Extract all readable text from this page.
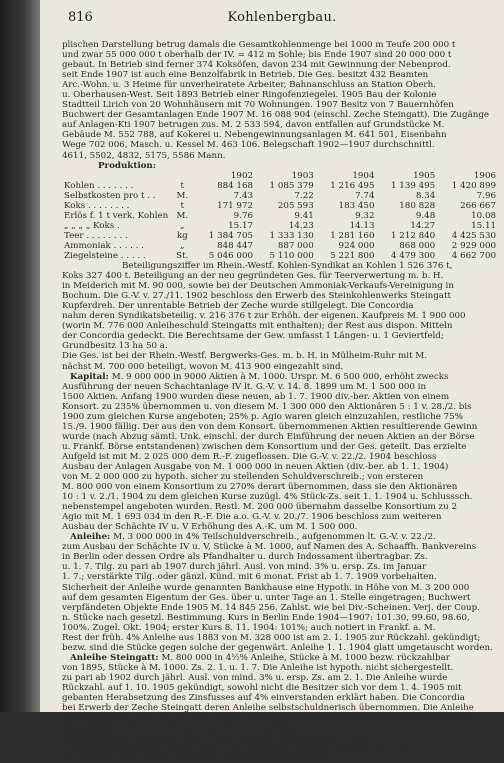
816	Kohlenbergbau.
plischen Darstellung betrug damals die Gesamtkohlenmenge bei 1000 m Teufe 200 000 t
und zwar 55 000 000 t oberhalb der IV. = 412 m Sohle; bis Ende 1907 sind 20 000 000 t
gebaut. In Betrieb sind ferner 374 Koksöfen, davon 234 mit Gewinnung der Nebenprod.
seit Ende 1907 ist auch eine Benzolfabrik in Betrieb. Die Ges. besitzt 432 Beamten
Arc.-Wohn. u. 3 Heime für unverheiratete Arbeiter, Bahnanschluss an Station Oberh.
u. Oberhausen-West. Seit 1893 Betrieb einer Ringofenziegelei. 1905 Bau der Kolonie
Stadtteil Lirich von 20 Wohnhäusern mit 70 Wohnungen. 1907 Besitz von 7 Bauernhöfen
Buchwert der Gesamtanlagen Ende 1907 M. 16 088 904 (einschl. Zeche Steingatt). Die Zugänge
auf Anlagen-Kti 1907 betrugen zus. M. 2 533 594, davon entfallen auf Grundstücke M.
Gebäude M. 552 788, auf Kokerei u. Nebengewinnungsanlagen M. 641 501, Eisenbahn
Wege 702 006, Masch. u. Kessel M. 463 106. Belegschaft 1902—1907 durchschnittl.
4611, 5502, 4832, 5175, 5586 Mann.
Produktion:
		1902	1903	1904	1905	1906
Kohlen . . . . . . .	t	884 168	1 085 379	1 216 495	1 139 495	1 420 899
Selbstkosten pro t . .	M.	7.43	7.22	7.74	8.34	7.96
Koks . . . . . . . .	t	171 972	205 593	183 450	180 828	266 667
Erlös f. 1 t verk. Kohlen	M.	9.76	9.41	9.32	9.48	10.08
„ „ „ „ Koks .	„	15.17	14.23	14.13	14.27	15.11
Teer . . . . . . . .	kg	1 384 705	1 333 130	1 281 160	1 212 840	4 425 530
Ammoniak . . . . . .	„	848 447	887 000	924 000	868 000	2 929 000
Ziegelsteine . . . . .	St.	5 046 000	5 110 000	5 221 800	4 479 300	4 662 700
Beteiligungsziffer im Rhein.-Westf. Kohlen-Syndikat an Kohlen 1 526 376 t,
Koks 327 400 t. Beteiligung an der neu gegründeten Ges. für Teerverwertung m. b. H.
in Meiderich mit M. 90 000, sowie bei der Deutschen Ammoniak-Verkaufs-Vereinigung in
Bochum. Die G.-V. v. 27./11. 1902 beschloss den Erwerb des Steinkohlenwerks Steingatt
Kupferdreh. Der unrentable Betrieb der Zeche wurde stillgelegt. Die Concordia
nahm deren Syndikatsbeteilig. v. 216 376 t zur Erhöh. der eigenen. Kaufpreis M. 1 900 000
(worin M. 776 000 Anleiheschuld Steingatts mit enthalten); der Rest aus dispon. Mitteln
der Concordia gedeckt. Die Berechtsame der Gew. umfasst 1 Längen- u. 1 Geviertfeld;
Grundbesitz 13 ha 50 a.
Die Ges. ist bei der Rhein.-Westf. Bergwerks-Ges. m. b. H. in Mülheim-Ruhr mit M.
nächst M. 700 000 beteiligt, wovon M. 413 900 eingezahlt sind.
Kapital: M. 9 000 000 in 9000 Aktien à M. 1000. Urspr. M. 6 500 000, erhöht zwecks
Ausführung der neuen Schachtanlage IV lt. G.-V. v. 14. 8. 1899 um M. 1 500 000 in
1500 Aktien. Anfang 1900 wurden diese neuen, ab 1. 7. 1900 div.-ber. Aktien von einem
Konsort. zu 235% übernommen u. von diesem M. 1 300 000 den Aktionären 5 : 1 v. 28./2. bis
1900 zum gleichen Kurse angeboten; 25% p. Agio waren gleich einzuzahlen, restliche 75%
15./9. 1900 fällig. Der aus den von dem Konsort. übernommenen Aktien resultierende Gewinn
wurde (nach Abzug sämtl. Unk. einschl. der durch Einführung der neuen Aktien an der Börse
u. Frankf. Börse entstandenen) zwischen dem Konsortium und der Ges. geteilt. Das erzielte
Aufgeld ist mit M. 2 025 000 dem R.-F. zugeflossen. Die G.-V. v. 22./2. 1904 beschloss
Ausbau der Anlagen Ausgabe von M. 1 000 000 in neuen Aktien (div.-ber. ab 1. 1. 1904)
von M. 2 000 000 zu hypoth. sicher zu stellenden Schuldverschreib.; von ersteren
M. 800 000 von einem Konsortium zu 270% derart übernommen, dass sie den Aktionären
10 : 1 v. 2./1. 1904 zu dem gleichen Kurse zuzügl. 4% Stück-Zs. seit 1. 1. 1904 u. Schlusssch.
nebenstempel angeboten wurden. Restl. M. 200 000 übernahm dasselbe Konsortium zu 2
Agio mit M. 1 693 034 in den R.-F. Die a.o. G.-V. v. 20./7. 1906 beschloss zum weiteren
Ausbau der Schächte IV u. V Erhöhung des A.-K. um M. 1 500 000.
Anleihe: M. 3 000 000 in 4% Teilschuldverschreib., aufgenommen lt. G.-V. v. 22./2.
zum Ausbau der Schächte IV u. V, Stücke à M. 1000, auf Namen des A. Schaaffh. Bankvereins
in Berlin oder dessen Ordre als Pfandhalter u. durch Indossament übertragbar. Zs.
u. 1. 7. Tilg. zu pari ab 1907 durch jährl. Ausl. von mind. 3% u. ersp. Zs. im Januar
1. 7.; verstärkte Tilg. oder gänzl. Künd. mit 6 monat. Frist ab 1. 7. 1909 vorbehalten.
Sicherheit der Anleihe wurde genannten Bankhause eine Hypoth. in Höhe von M. 3 200 000
auf dem gesamten Eigentum der Ges. über u. unter Tage an 1. Stelle eingetragen; Buchwert
verpfändeten Objekte Ende 1905 M. 14 845 256. Zahlst. wie bei Div.-Scheinen. Verj. der Coup.
n. Stücke nach gesetzl. Bestimmung. Kurs in Berlin Ende 1904—1907: 101.30, 99.60, 98.60,
100%. Zugel. Okt. 1904; erster Kurs 8. 11. 1904: 101%; auch notiert in Frankf. a. M.
Rest der früh. 4% Anleihe aus 1883 von M. 328 000 ist am 2. 1. 1905 zur Rückzahl. gekündigt;
bezw. sind die Stücke gegen solche der gegenwärt. Anleihe 1. 1. 1904 glatt umgetauscht worden.
Anleihe Steingatt: M. 800 000 in 4½% Anleihe, Stücke à M. 1000 bezw. rückzahlbar
von 1895, Stücke à M. 1000. Zs. 2. 1. u. 1. 7. Die Anleihe ist hypoth. nicht sichergestellt.
zu pari ab 1902 durch jährl. Ausl. von mind. 3% u. ersp. Zs. am 2. 1. Die Anleihe wurde
Rückzahl. auf 1. 10. 1905 gekündigt, sowohl nicht die Besitzer sich vor dem 1. 4. 1905 mit
gebanten Herabsetzung des Zinsfusses auf 4% einverstanden erklärt haben. Die Concordia
bei Erwerb der Zeche Steingatt deren Anleihe selbstschuldnerisch übernommen. Die Anleihe
in Umlauf Ende 1907 M. 612 000. Zahlst.: Gesellschaftskasse; Essen: Essener Credit-Anstalt.
Hypotheken: M. 315 414 auf erworbene Grundstücke.
Geschäftsjahr: Kalenderj. Gen.-Vers.: Jan.-Juli. Stimmrecht: 1 Aktie = 1 St.
Gewinn-Verteilung: Mind. 5% z. R.-F. (ist erfüllt), 4% Div., 7% Tant. an A.-R.
M. 2000 für jedes Mitgl. garantiert, Überrest zur Verf. der G.-V.
